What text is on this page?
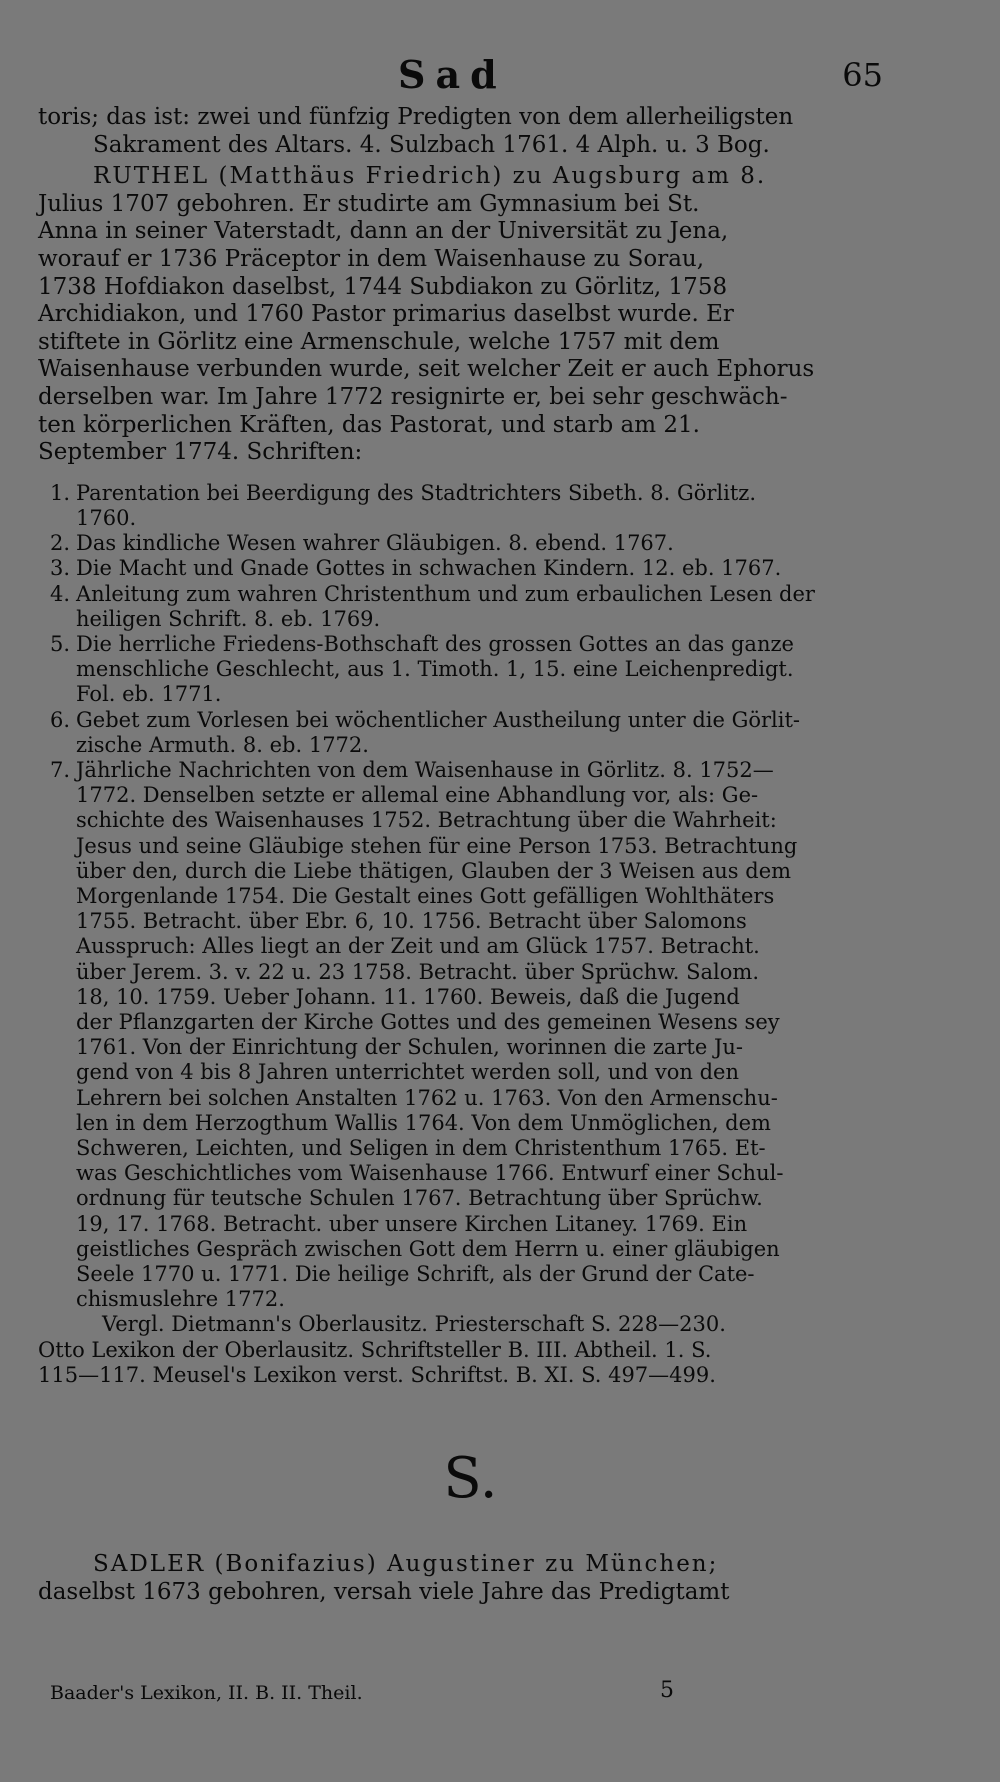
Sad	65
toris; das ist: zwei und fünfzig Predigten von dem allerheiligsten
Sakrament des Altars. 4. Sulzbach 1761. 4 Alph. u. 3 Bog.
RUTHEL (Matthäus Friedrich) zu Augsburg am 8.
Julius 1707 gebohren. Er studirte am Gymnasium bei St.
Anna in seiner Vaterstadt, dann an der Universität zu Jena,
worauf er 1736 Präceptor in dem Waisenhause zu Sorau,
1738 Hofdiakon daselbst, 1744 Subdiakon zu Görlitz, 1758
Archidiakon, und 1760 Pastor primarius daselbst wurde. Er
stiftete in Görlitz eine Armenschule, welche 1757 mit dem
Waisenhause verbunden wurde, seit welcher Zeit er auch Ephorus
derselben war. Im Jahre 1772 resignirte er, bei sehr geschwäch-
ten körperlichen Kräften, das Pastorat, und starb am 21.
September 1774. Schriften:
1. Parentation bei Beerdigung des Stadtrichters Sibeth. 8. Görlitz.
1760.
2. Das kindliche Wesen wahrer Gläubigen. 8. ebend. 1767.
3. Die Macht und Gnade Gottes in schwachen Kindern. 12. eb. 1767.
4. Anleitung zum wahren Christenthum und zum erbaulichen Lesen der
heiligen Schrift. 8. eb. 1769.
5. Die herrliche Friedens-Bothschaft des grossen Gottes an das ganze
menschliche Geschlecht, aus 1. Timoth. 1, 15. eine Leichenpredigt.
Fol. eb. 1771.
6. Gebet zum Vorlesen bei wöchentlicher Austheilung unter die Görlit-
zische Armuth. 8. eb. 1772.
7. Jährliche Nachrichten von dem Waisenhause in Görlitz. 8. 1752—
1772. Denselben setzte er allemal eine Abhandlung vor, als: Ge-
schichte des Waisenhauses 1752. Betrachtung über die Wahrheit:
Jesus und seine Gläubige stehen für eine Person 1753. Betrachtung
über den, durch die Liebe thätigen, Glauben der 3 Weisen aus dem
Morgenlande 1754. Die Gestalt eines Gott gefälligen Wohlthäters
1755. Betracht. über Ebr. 6, 10. 1756. Betracht über Salomons
Ausspruch: Alles liegt an der Zeit und am Glück 1757. Betracht.
über Jerem. 3. v. 22 u. 23 1758. Betracht. über Sprüchw. Salom.
18, 10. 1759. Ueber Johann. 11. 1760. Beweis, daß die Jugend
der Pflanzgarten der Kirche Gottes und des gemeinen Wesens sey
1761. Von der Einrichtung der Schulen, worinnen die zarte Ju-
gend von 4 bis 8 Jahren unterrichtet werden soll, und von den
Lehrern bei solchen Anstalten 1762 u. 1763. Von den Armenschu-
len in dem Herzogthum Wallis 1764. Von dem Unmöglichen, dem
Schweren, Leichten, und Seligen in dem Christenthum 1765. Et-
was Geschichtliches vom Waisenhause 1766. Entwurf einer Schul-
ordnung für teutsche Schulen 1767. Betrachtung über Sprüchw.
19, 17. 1768. Betracht. uber unsere Kirchen Litaney. 1769. Ein
geistliches Gespräch zwischen Gott dem Herrn u. einer gläubigen
Seele 1770 u. 1771. Die heilige Schrift, als der Grund der Cate-
chismuslehre 1772.
Vergl. Dietmann's Oberlausitz. Priesterschaft S. 228—230.
Otto Lexikon der Oberlausitz. Schriftsteller B. III. Abtheil. 1. S.
115—117. Meusel's Lexikon verst. Schriftst. B. XI. S. 497—499.
S.
SADLER (Bonifazius) Augustiner zu München;
daselbst 1673 gebohren, versah viele Jahre das Predigtamt
Baader's Lexikon, II. B. II. Theil.	5
